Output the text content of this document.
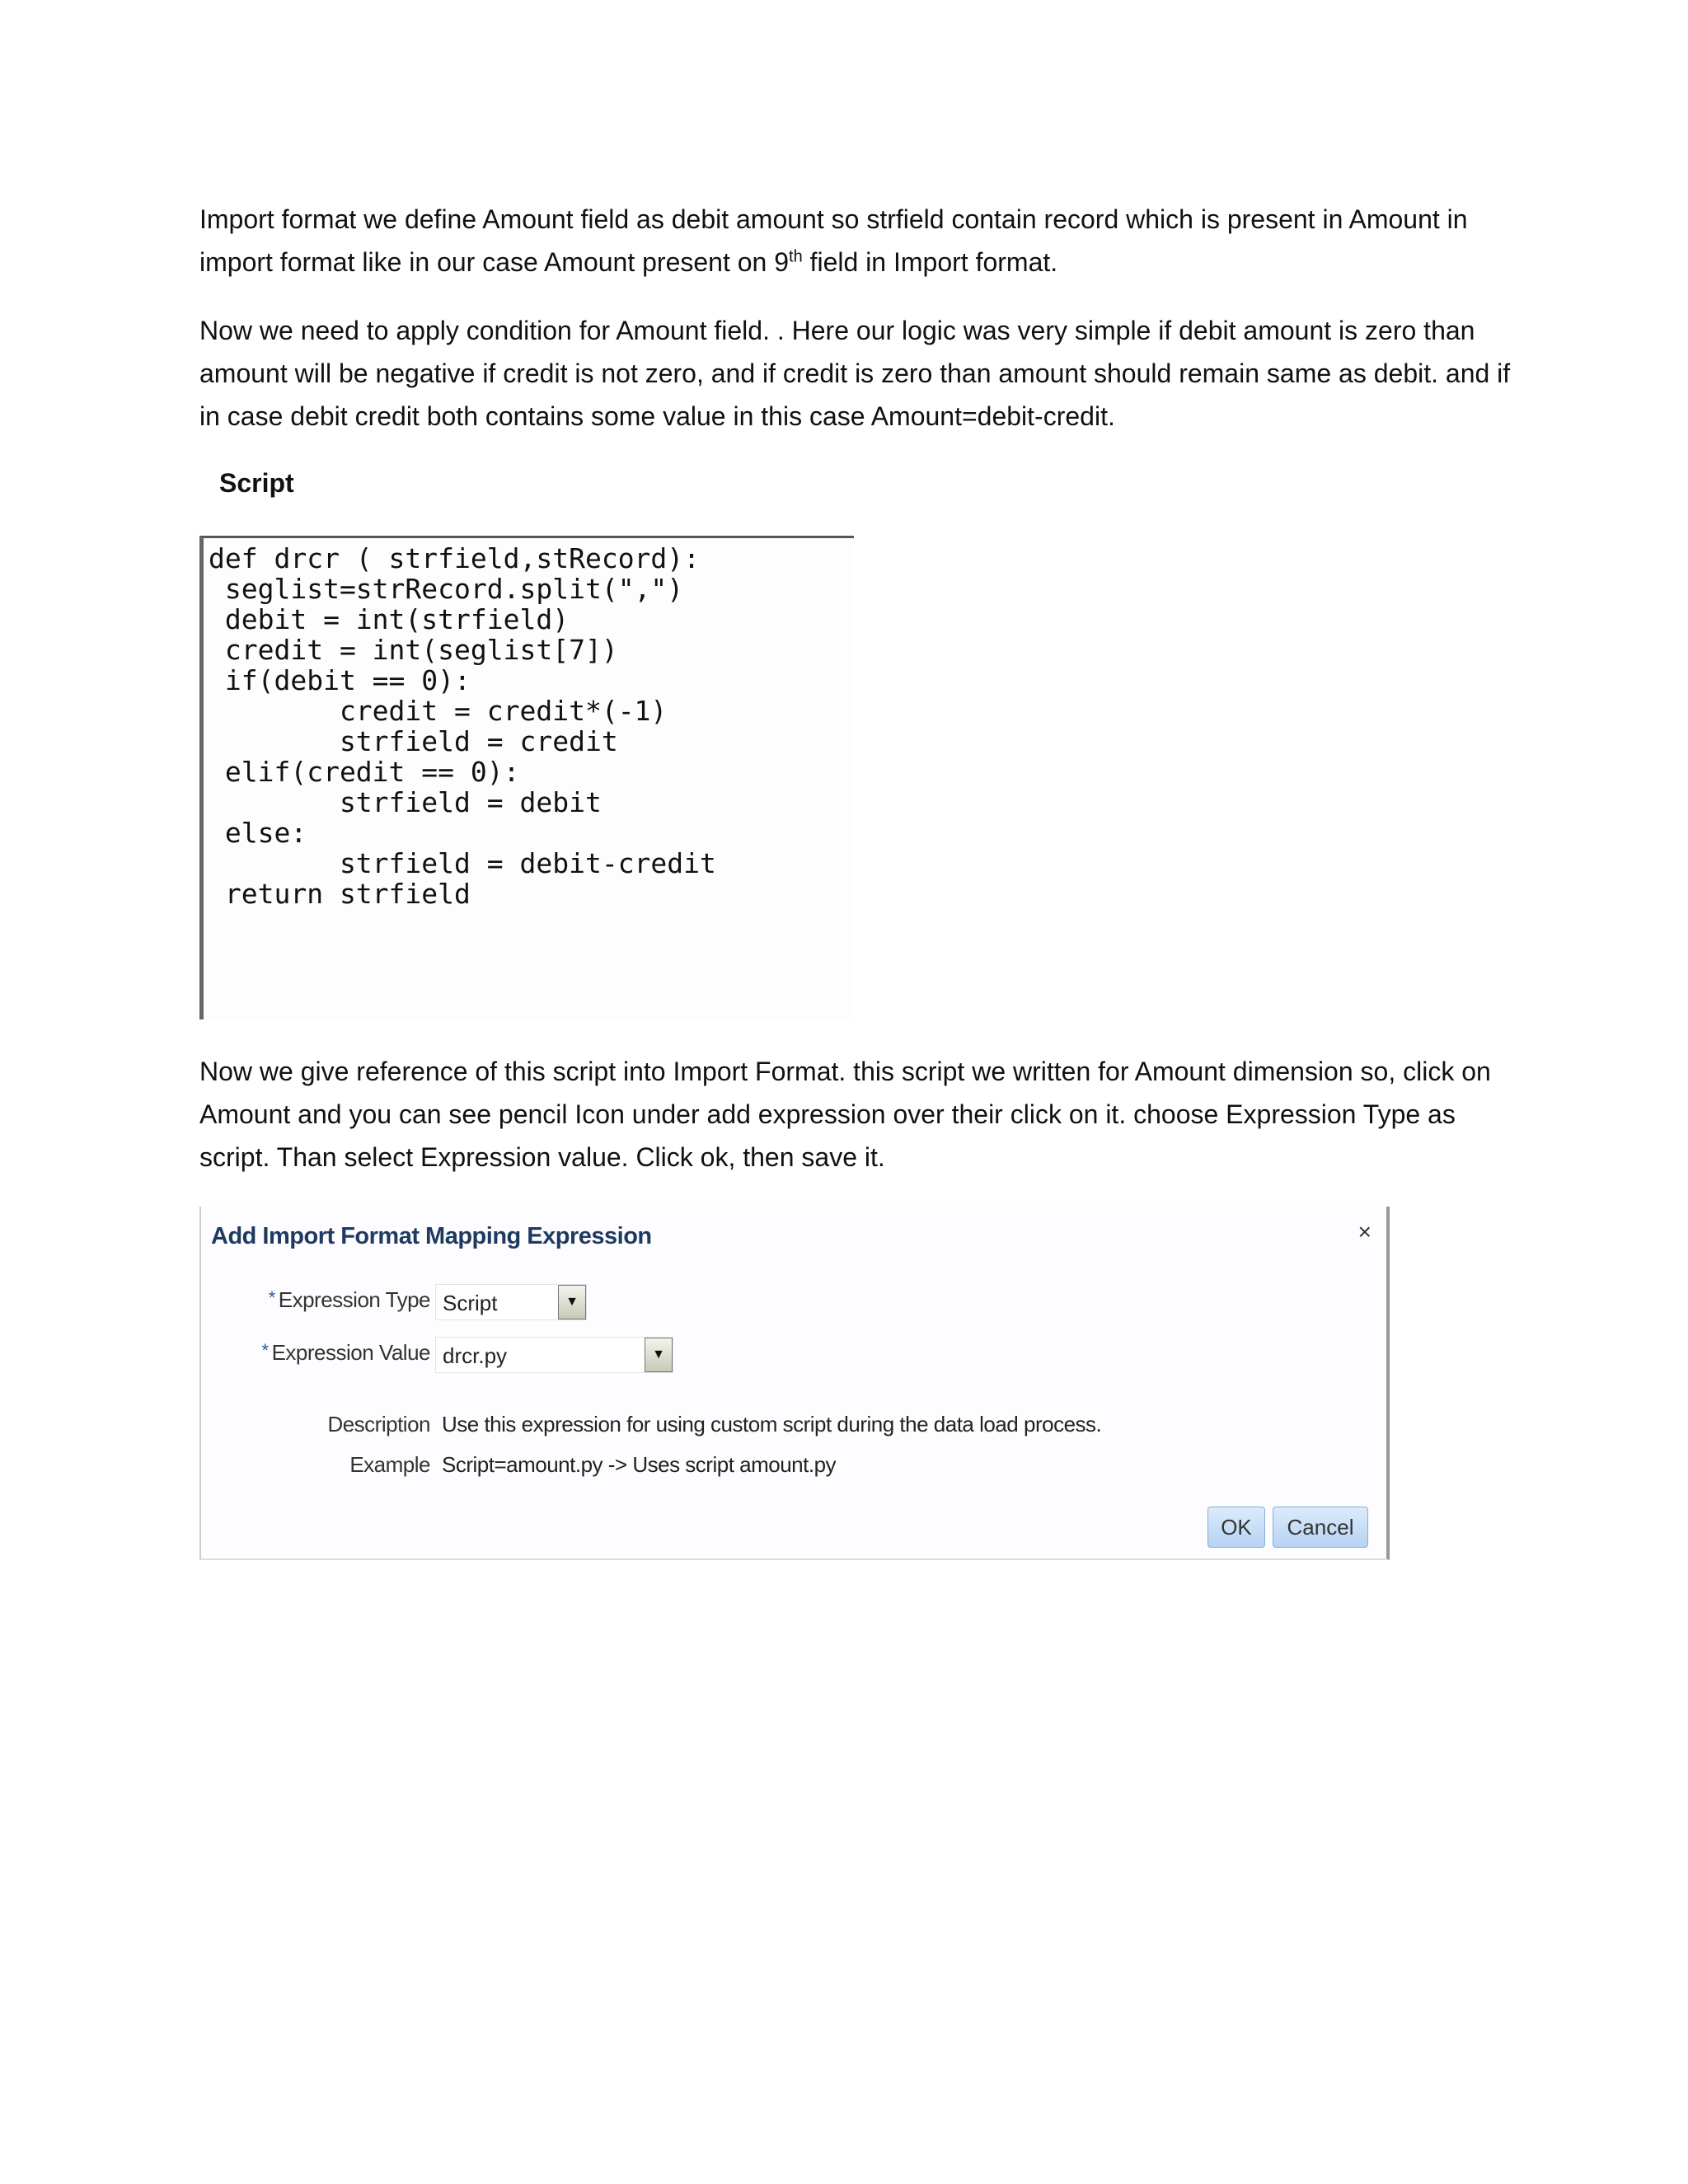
Import format we define Amount field as debit amount so strfield contain record which is present in Amount in import format like in our case Amount present on 9th field in Import format.
Now we need to apply condition for Amount field. . Here our logic was very simple if debit amount is zero than amount will be negative if credit is not zero, and if credit is zero than amount should remain same as debit. and if in case debit credit both contains some value in this case Amount=debit-credit.
Script
def drcr ( strfield,stRecord):
seglist=strRecord.split(",")
debit = int(strfield)
credit = int(seglist[7])
if(debit == 0):
credit = credit*(-1)
strfield = credit
elif(credit == 0):
strfield = debit
else:
strfield = debit-credit
return strfield
Now we give reference of this script into Import Format. this script we written for Amount dimension so, click on Amount and you can see pencil Icon under add expression over their click on it. choose Expression Type as script. Than select Expression value. Click ok, then save it.
Add Import Format Mapping Expression	×
* Expression Type Script	▼
* Expression Value drcr.py	▼
Description Use this expression for using custom script during the data load process.
Example Script=amount.py -> Uses script amount.py
OK	Cancel
